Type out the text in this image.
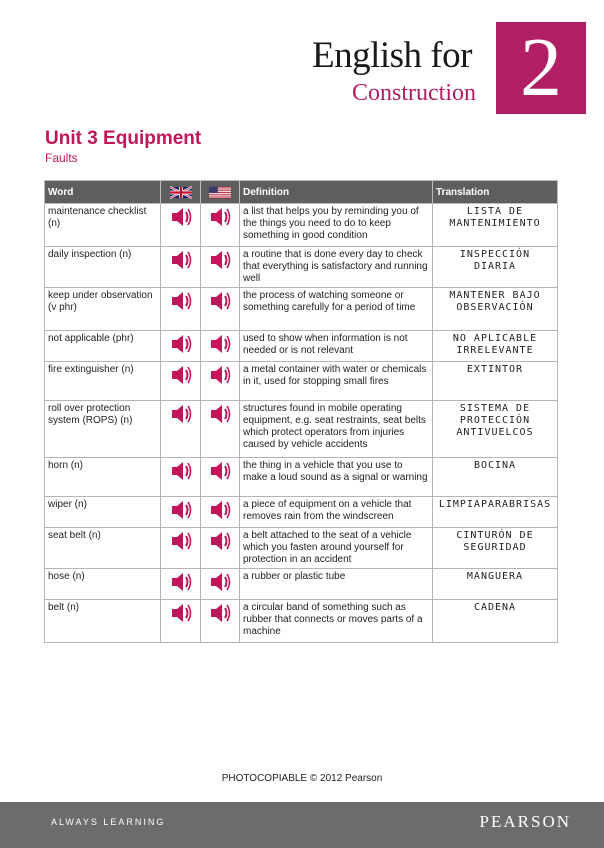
English for
Construction 2
Unit 3 Equipment
Faults
Word			Definition	Translation
maintenance checklist (n)			a list that helps you by reminding you of the things you need to do to keep something in good condition	LISTA DE
MANTENIMIENTO

daily inspection (n)			a routine that is done every day to check that everything is satisfactory and running well	INSPECCIÓN
DIARIA

keep under observation (v phr)			the process of watching someone or something carefully for a period of time	MANTENER BAJO
OBSERVACIÓN

not applicable (phr)			used to show when information is not needed or is not relevant	NO APLICABLE
IRRELEVANTE

fire extinguisher (n)			a metal container with water or chemicals in it, used for stopping small fires	EXTINTOR

roll over protection system (ROPS) (n)			structures found in mobile operating equipment, e.g. seat restraints, seat belts which protect operators from injuries caused by vehicle accidents	SISTEMA DE
PROTECCIÓN
ANTIVUELCOS

horn (n)			the thing in a vehicle that you use to make a loud sound as a signal or warning	BOCINA

wiper (n)			a piece of equipment on a vehicle that removes rain from the windscreen	LIMPIAPARABRISAS

seat belt (n)			a belt attached to the seat of a vehicle which you fasten around yourself for protection in an accident	CINTURÓN DE
SEGURIDAD

hose (n)			a rubber or plastic tube	MANGUERA

belt (n)			a circular band of something such as rubber that connects or moves parts of a machine	CADENA
PHOTOCOPIABLE © 2012 Pearson
ALWAYS LEARNING	PEARSON
